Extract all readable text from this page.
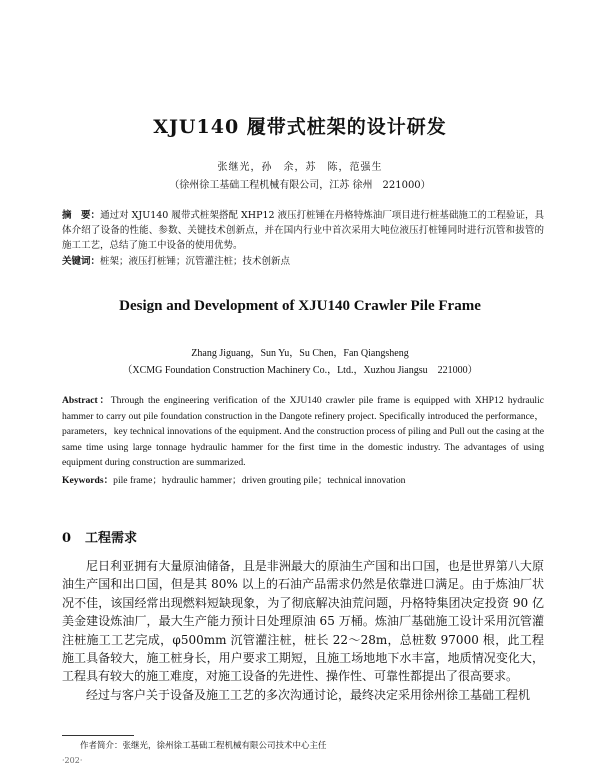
XJU140 履带式桩架的设计研发
张继光，孙　余，苏　陈，范强生
（徐州徐工基础工程机械有限公司，江苏 徐州　221000）
摘　要：通过对 XJU140 履带式桩架搭配 XHP12 液压打桩锤在丹格特炼油厂项目进行桩基础施工的工程验证，具体介绍了设备的性能、参数、关键技术创新点，并在国内行业中首次采用大吨位液压打桩锤同时进行沉管和拔管的施工工艺，总结了施工中设备的使用优势。
关键词：桩架；液压打桩锤；沉管灌注桩；技术创新点
Design and Development of XJU140 Crawler Pile Frame
Zhang Jiguang，Sun Yu，Su Chen，Fan Qiangsheng
（XCMG Foundation Construction Machinery Co.，Ltd.，Xuzhou Jiangsu　221000）
Abstract：Through the engineering verification of the XJU140 crawler pile frame is equipped with XHP12 hydraulic hammer to carry out pile foundation construction in the Dangote refinery project. Specifically introduced the performance，parameters，key technical innovations of the equipment. And the construction process of piling and Pull out the casing at the same time using large tonnage hydraulic hammer for the first time in the domestic industry. The advantages of using equipment during construction are summarized.
Keywords：pile frame；hydraulic hammer；driven grouting pile；technical innovation
0 工程需求

尼日利亚拥有大量原油储备，且是非洲最大的原油生产国和出口国，也是世界第八大原油生产国和出口国，但是其 80% 以上的石油产品需求仍然是依靠进口满足。由于炼油厂状况不佳，该国经常出现燃料短缺现象，为了彻底解决油荒问题，丹格特集团决定投资 90 亿美金建设炼油厂，最大生产能力预计日处理原油 65 万桶。炼油厂基础施工设计采用沉管灌注桩施工工艺完成，φ500mm 沉管灌注桩，桩长 22～28m，总桩数 97000 根，此工程施工具备较大，施工桩身长，用户要求工期短，且施工场地地下水丰富，地质情况变化大，工程具有较大的施工难度，对施工设备的先进性、操作性、可靠性都提出了很高要求。

经过与客户关于设备及施工工艺的多次沟通讨论，最终决定采用徐州徐工基础工程机

作者简介：张继光，徐州徐工基础工程机械有限公司技术中心主任
·202·
